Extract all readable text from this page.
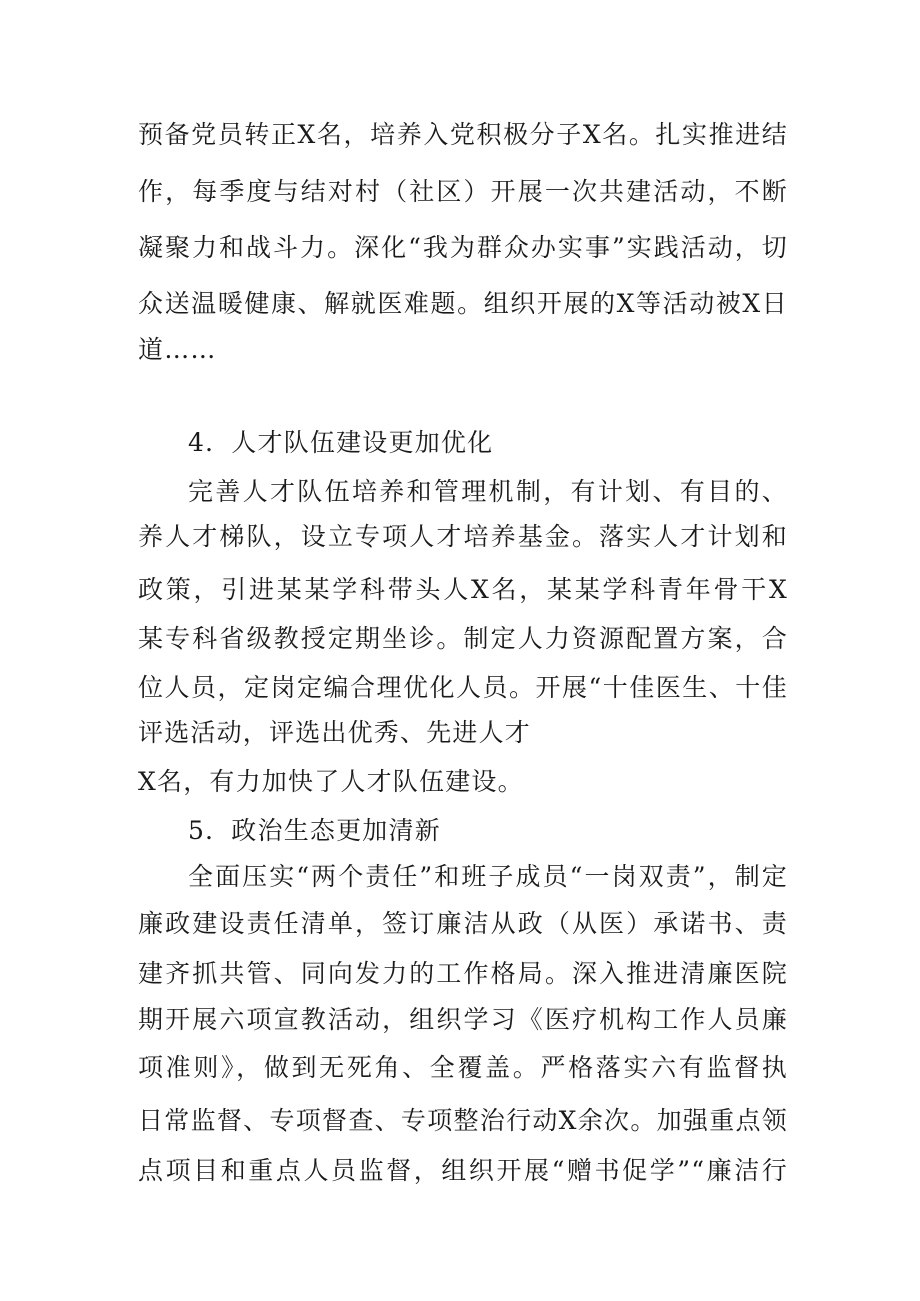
预备党员转正X名，培养入党积极分子X名。扎实推进结
作，每季度与结对村（社区）开展一次共建活动，不断
凝聚力和战斗力。深化“我为群众办实事”实践活动，切
众送温暖健康、解就医难题。组织开展的X等活动被X日
道……
4．人才队伍建设更加优化
完善人才队伍培养和管理机制，有计划、有目的、
养人才梯队，设立专项人才培养基金。落实人才计划和
政策，引进某某学科带头人X名，某某学科青年骨干X
某专科省级教授定期坐诊。制定人力资源配置方案，合
位人员，定岗定编合理优化人员。开展“十佳医生、十佳
评选活动，评选出优秀、先进人才
X名，有力加快了人才队伍建设。
5．政治生态更加清新
全面压实“两个责任”和班子成员“一岗双责”，制定
廉政建设责任清单，签订廉洁从政（从医）承诺书、责
建齐抓共管、同向发力的工作格局。深入推进清廉医院
期开展六项宣教活动，组织学习《医疗机构工作人员廉
项准则》，做到无死角、全覆盖。严格落实六有监督执
日常监督、专项督查、专项整治行动X余次。加强重点领
点项目和重点人员监督，组织开展“赠书促学”“廉洁行
